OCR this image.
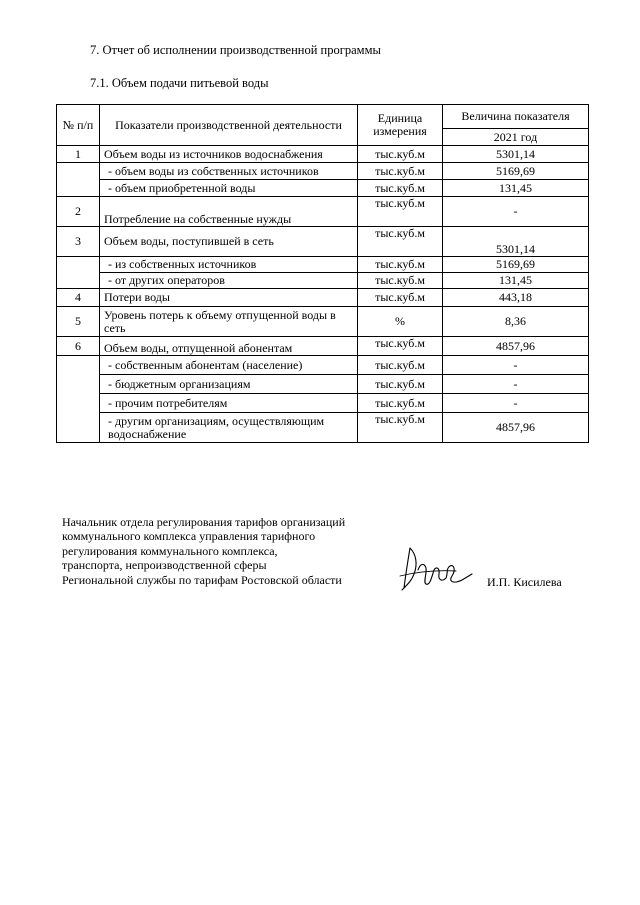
7. Отчет об исполнении производственной программы
7.1. Объем подачи питьевой воды
№ п/п	Показатели производственной деятельности	Единица измерения	Величина показателя
			2021 год
1	Объем воды из источников водоснабжения	тыс.куб.м	5301,14
	- объем воды из собственных источников	тыс.куб.м	5169,69
	- объем приобретенной воды	тыс.куб.м	131,45
2	Потребление на собственные нужды	тыс.куб.м	-
3	Объем воды, поступившей в сеть	тыс.куб.м	5301,14
	- из собственных источников	тыс.куб.м	5169,69
	- от других операторов	тыс.куб.м	131,45
4	Потери воды	тыс.куб.м	443,18
5	Уровень потерь к объему отпущенной воды в сеть	%	8,36
6	Объем воды, отпущенной абонентам	тыс.куб.м	4857,96
	- собственным абонентам (население)	тыс.куб.м	-
	- бюджетным организациям	тыс.куб.м	-
	- прочим потребителям	тыс.куб.м	-
	- другим организациям, осуществляющим водоснабжение	тыс.куб.м	4857,96
Начальник отдела регулирования тарифов организаций
коммунального комплекса управления тарифного
регулирования коммунального комплекса,
транспорта, непроизводственной сферы
Региональной службы по тарифам Ростовской области	И.П. Кисилева
